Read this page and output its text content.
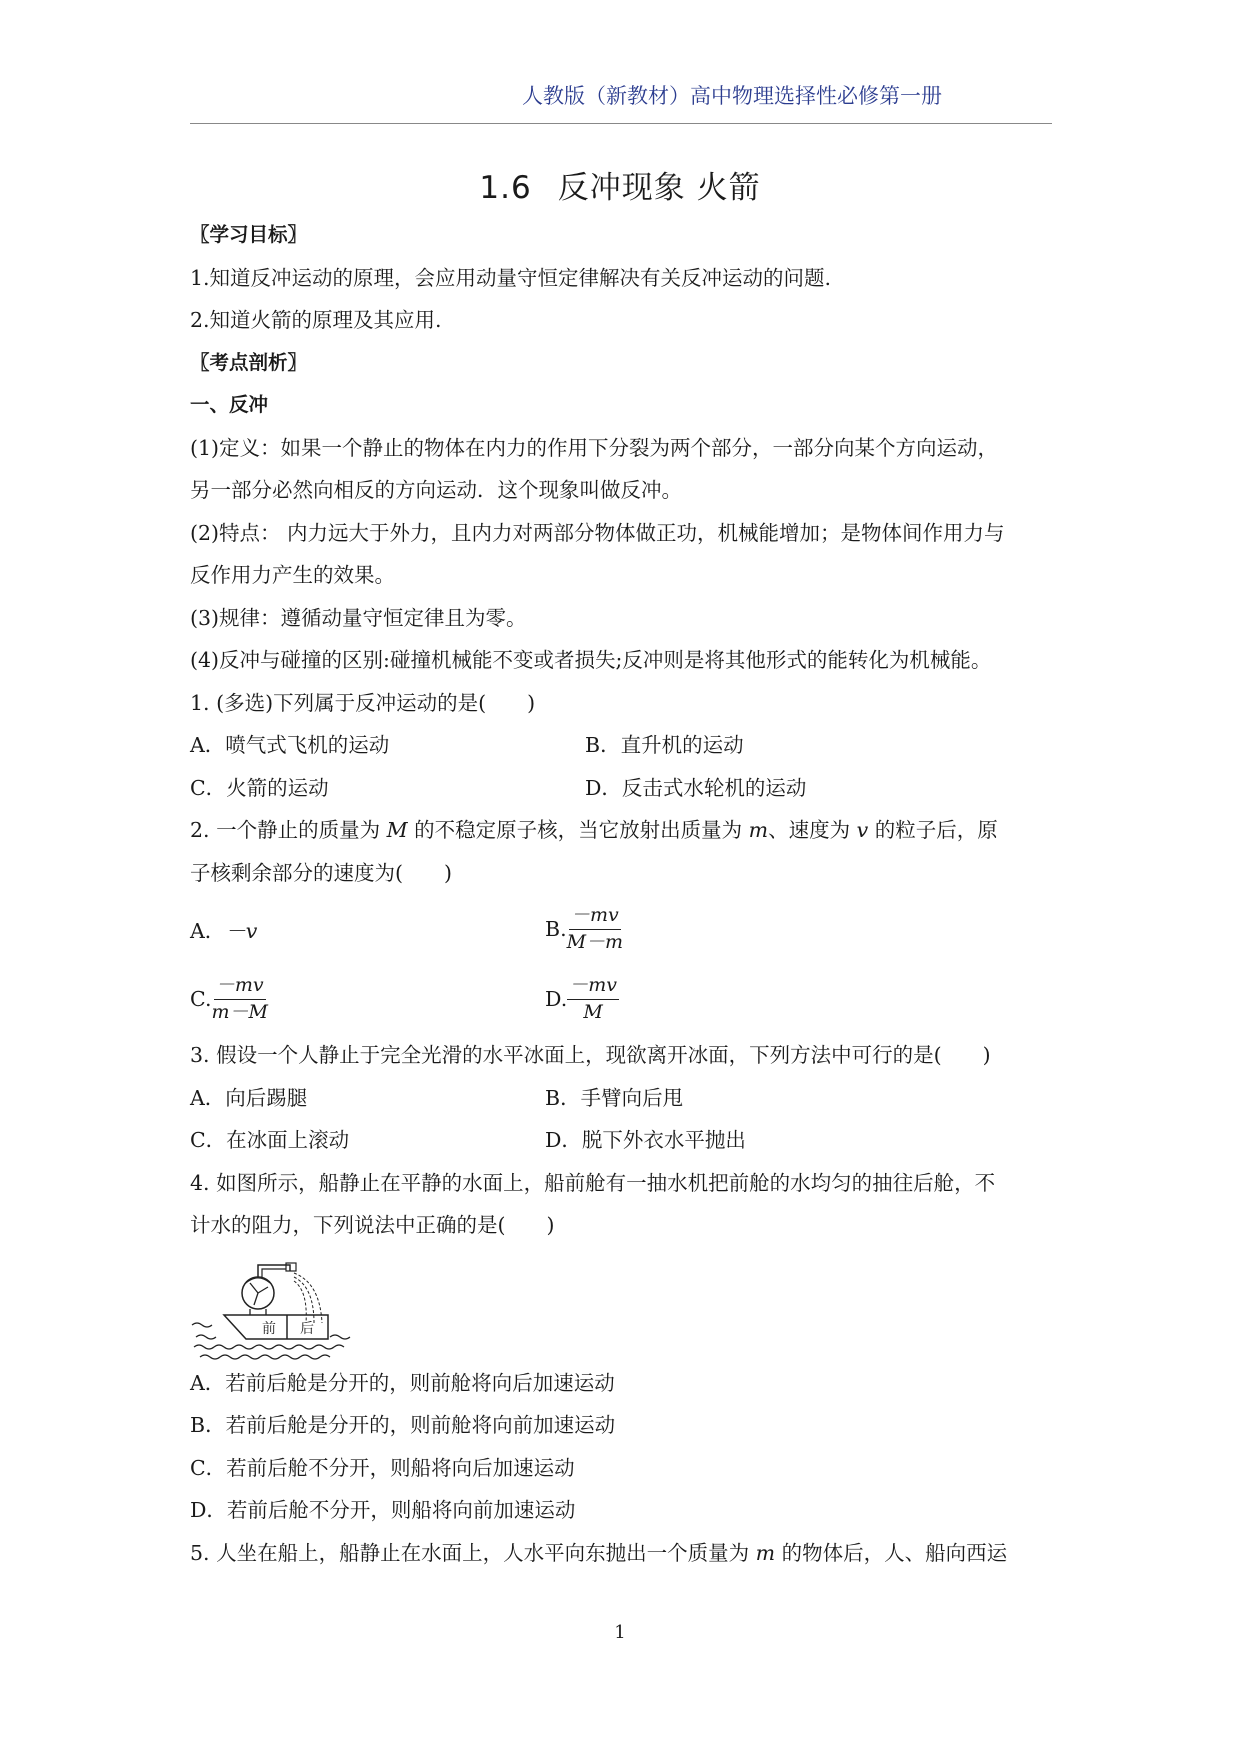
人教版（新教材）高中物理选择性必修第一册
1.6 反冲现象 火箭
〖学习目标〗
1.知道反冲运动的原理，会应用动量守恒定律解决有关反冲运动的问题.
2.知道火箭的原理及其应用.
〖考点剖析〗
一、反冲
(1)定义：如果一个静止的物体在内力的作用下分裂为两个部分，一部分向某个方向运动，
另一部分必然向相反的方向运动．这个现象叫做反冲。
(2)特点： 内力远大于外力，且内力对两部分物体做正功，机械能增加；是物体间作用力与
反作用力产生的效果。
(3)规律：遵循动量守恒定律且为零。
(4)反冲与碰撞的区别:碰撞机械能不变或者损失;反冲则是将其他形式的能转化为机械能。
1. (多选)下列属于反冲运动的是(　　)
A．喷气式飞机的运动	B．直升机的运动
C．火箭的运动	D．反击式水轮机的运动
2. 一个静止的质量为 M 的不稳定原子核，当它放射出质量为 m、速度为 v 的粒子后，原
子核剩余部分的速度为(　　)
A． －v	B. $\frac{-mv}{M-m}$
C. $\frac{-mv}{m-M}$	D. $\frac{-mv}{M}$
3. 假设一个人静止于完全光滑的水平冰面上，现欲离开冰面，下列方法中可行的是(　　)
A．向后踢腿	B．手臂向后甩
C．在冰面上滚动	D．脱下外衣水平抛出
4. 如图所示，船静止在平静的水面上，船前舱有一抽水机把前舱的水均匀的抽往后舱，不
计水的阻力，下列说法中正确的是(　　)
前 后
A．若前后舱是分开的，则前舱将向后加速运动
B．若前后舱是分开的，则前舱将向前加速运动
C．若前后舱不分开，则船将向后加速运动
D．若前后舱不分开，则船将向前加速运动
5. 人坐在船上，船静止在水面上，人水平向东抛出一个质量为 m 的物体后，人、船向西运
1
